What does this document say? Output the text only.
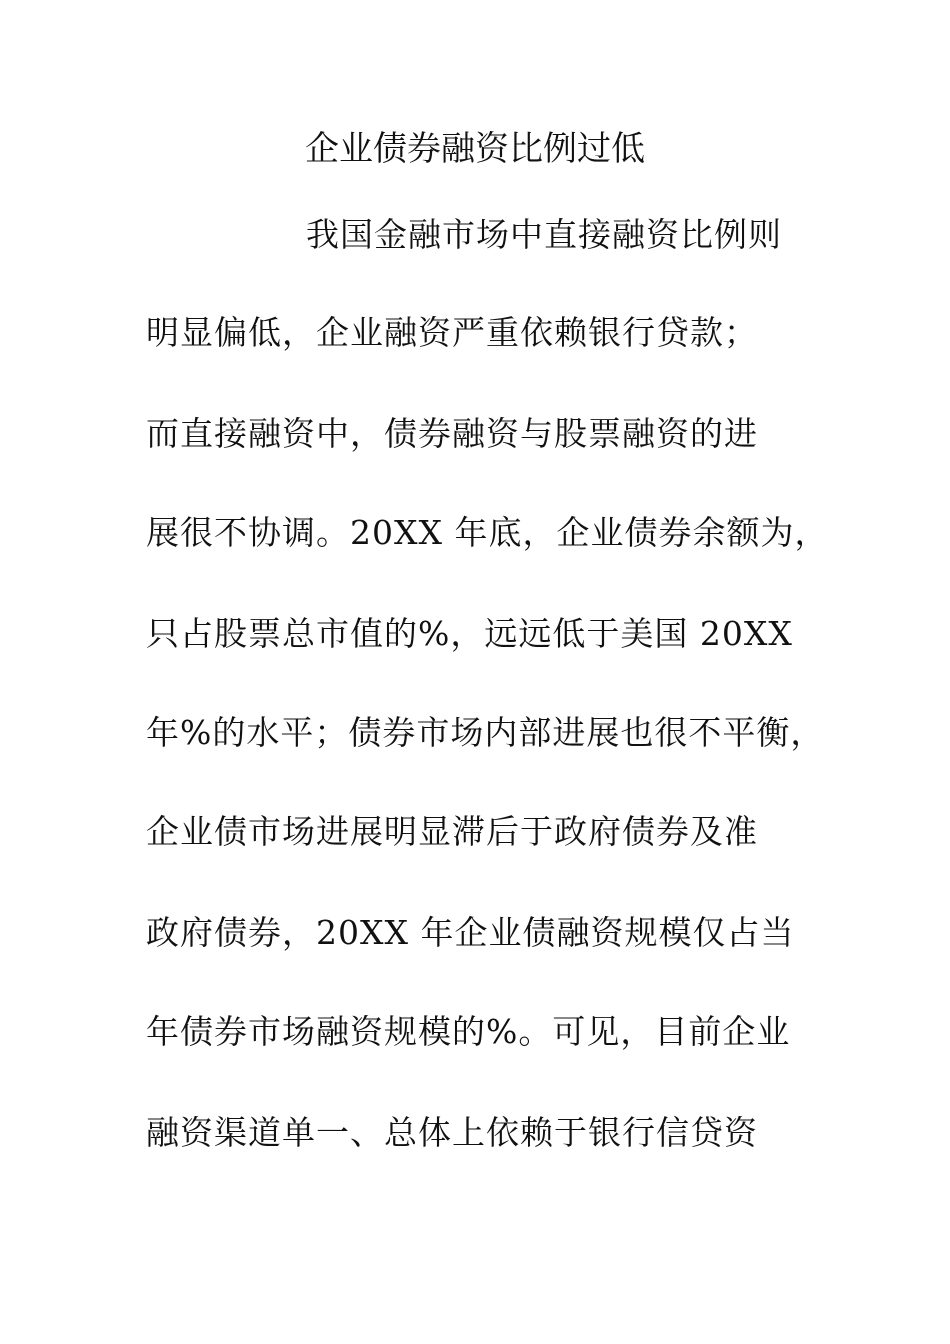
企业债券融资比例过低
我国金融市场中直接融资比例则
明显偏低，企业融资严重依赖银行贷款；
而直接融资中，债券融资与股票融资的进
展很不协调。20XX 年底，企业债券余额为，
只占股票总市值的%，远远低于美国 20XX
年%的水平；债券市场内部进展也很不平衡，
企业债市场进展明显滞后于政府债券及准
政府债券，20XX 年企业债融资规模仅占当
年债券市场融资规模的%。可见，目前企业
融资渠道单一、总体上依赖于银行信贷资
